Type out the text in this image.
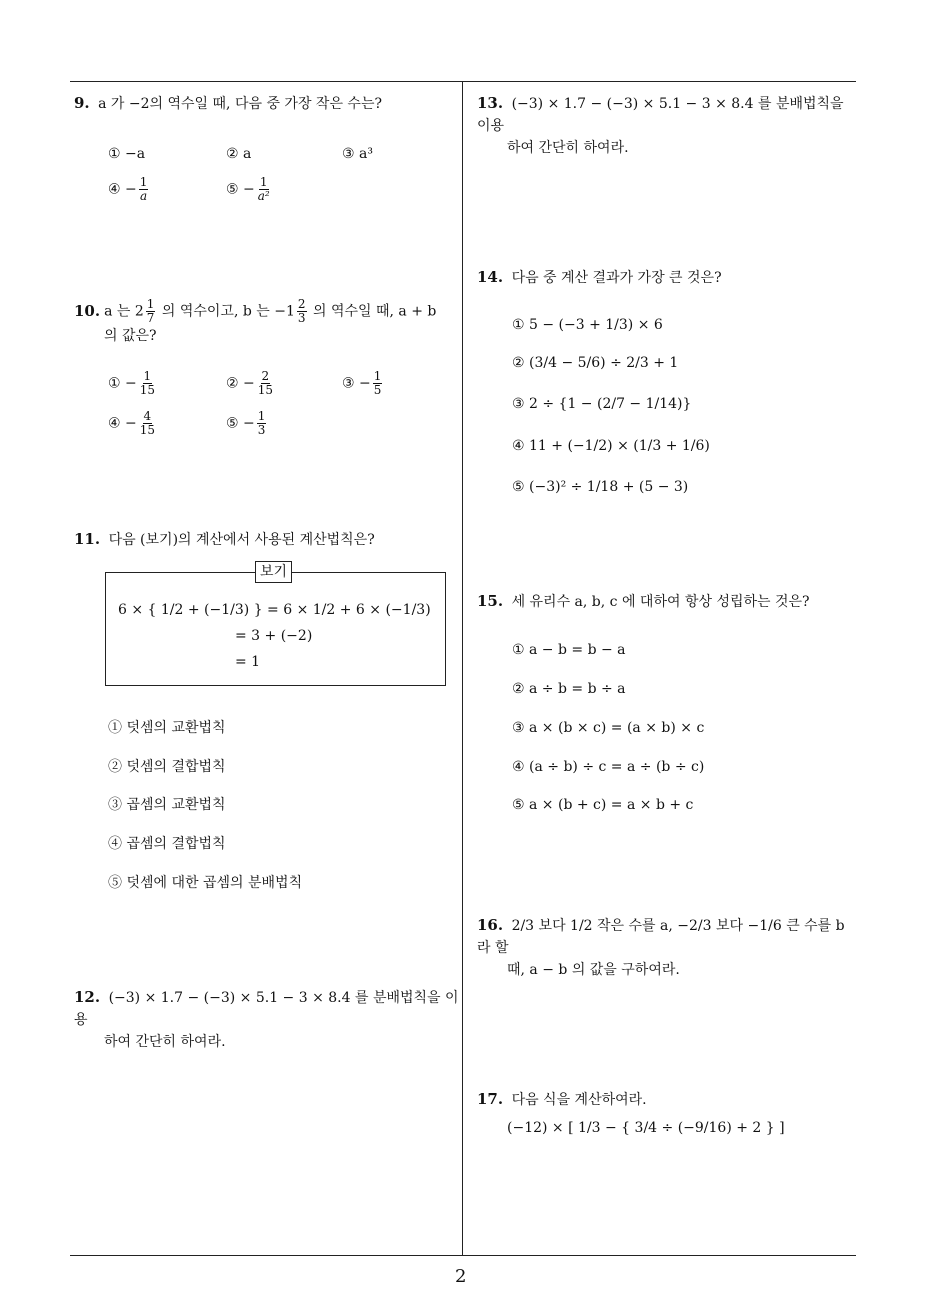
2
9. a 가 −2의 역수일 때, 다음 중 가장 작은 수는?
① −a	② a	③ a³
④ − $\frac{1}{a}$	⑤ − $\frac{1}{\text{a²}}$
10. a 는 $2 \frac{1}{7}$ 의 역수이고, b 는 $-1 \frac{2}{3}$ 의 역수일 때, a + b
의 값은?
① − $\frac{1}{15}$	② − $\frac{2}{15}$	③ − $\frac{1}{5}$
④ − $\frac{4}{15}$	⑤ − $\frac{1}{3}$
11. 다음 (보기)의 계산에서 사용된 계산법칙은?
보기
6 × { 1/2 + (−1/3) } = 6 × 1/2 + 6 × (−1/3)
= 3 + (−2)
= 1
① 덧셈의 교환법칙
② 덧셈의 결합법칙
③ 곱셈의 교환법칙
④ 곱셈의 결합법칙
⑤ 덧셈에 대한 곱셈의 분배법칙
12. (−3) × 1.7 − (−3) × 5.1 − 3 × 8.4 를 분배법칙을 이용
하여 간단히 하여라.
13. (−3) × 1.7 − (−3) × 5.1 − 3 × 8.4 를 분배법칙을 이용
하여 간단히 하여라.
14. 다음 중 계산 결과가 가장 큰 것은?
① 5 − (−3 + 1/3) × 6
② (3/4 − 5/6) ÷ 2/3 + 1
③ 2 ÷ {1 − (2/7 − 1/14)}
④ 11 + (−1/2) × (1/3 + 1/6)
⑤ (−3)² ÷ 1/18 + (5 − 3)
15. 세 유리수 a, b, c 에 대하여 항상 성립하는 것은?
① a − b = b − a
② a ÷ b = b ÷ a
③ a × (b × c) = (a × b) × c
④ (a ÷ b) ÷ c = a ÷ (b ÷ c)
⑤ a × (b + c) = a × b + c
16. 2/3 보다 1/2 작은 수를 a, −2/3 보다 −1/6 큰 수를 b 라 할
때, a − b 의 값을 구하여라.
17. 다음 식을 계산하여라.
(−12) × [ 1/3 − { 3/4 ÷ (−9/16) + 2 } ]
